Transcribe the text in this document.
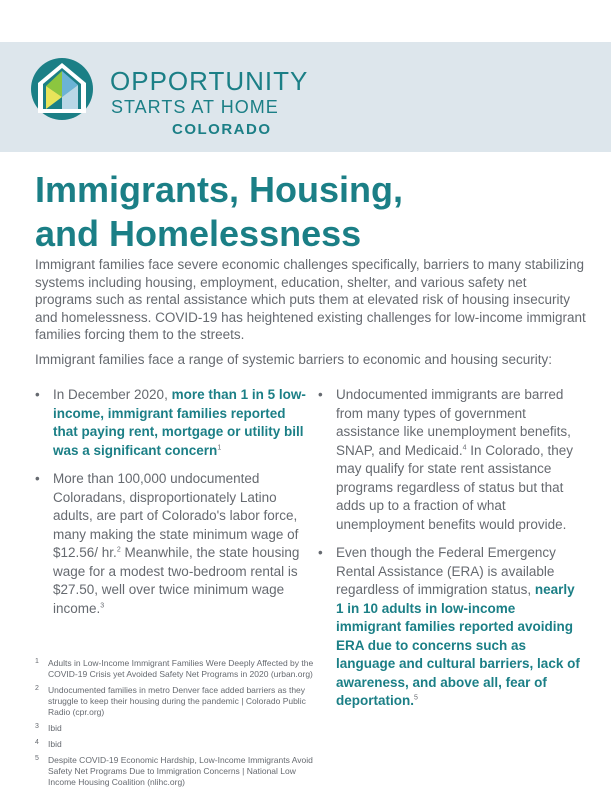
OPPORTUNITY
STARTS AT HOME
COLORADO
Immigrants, Housing,
and Homelessness

Immigrant families face severe economic challenges specifically, barriers to many stabilizing systems including housing, employment, education, shelter, and various safety net programs such as rental assistance which puts them at elevated risk of housing insecurity and homelessness. COVID-19 has heightened existing challenges for low-income immigrant families forcing them to the streets.

Immigrant families face a range of systemic barriers to economic and housing security:

• In December 2020, more than 1 in 5 low-income, immigrant families reported that paying rent, mortgage or utility bill was a significant concern$^1$
• More than 100,000 undocumented Coloradans, disproportionately Latino adults, are part of Colorado's labor force, many making the state minimum wage of $12.56/ hr.$^2$ Meanwhile, the state housing wage for a modest two-bedroom rental is $27.50, well over twice minimum wage income.$^3$
• Undocumented immigrants are barred from many types of government assistance like unemployment benefits, SNAP, and Medicaid.$^4$ In Colorado, they may qualify for state rent assistance programs regardless of status but that adds up to a fraction of what unemployment benefits would provide.
• Even though the Federal Emergency Rental Assistance (ERA) is available regardless of immigration status, nearly 1 in 10 adults in low-income immigrant families reported avoiding ERA due to concerns such as language and cultural barriers, lack of awareness, and above all, fear of deportation.$^5$
1 Adults in Low-Income Immigrant Families Were Deeply Affected by the COVID-19 Crisis yet Avoided Safety Net Programs in 2020 (urban.org)
2 Undocumented families in metro Denver face added barriers as they struggle to keep their housing during the pandemic | Colorado Public Radio (cpr.org)
3 Ibid
4 Ibid
5 Despite COVID-19 Economic Hardship, Low-Income Immigrants Avoid Safety Net Programs Due to Immigration Concerns | National Low Income Housing Coalition (nlihc.org)
